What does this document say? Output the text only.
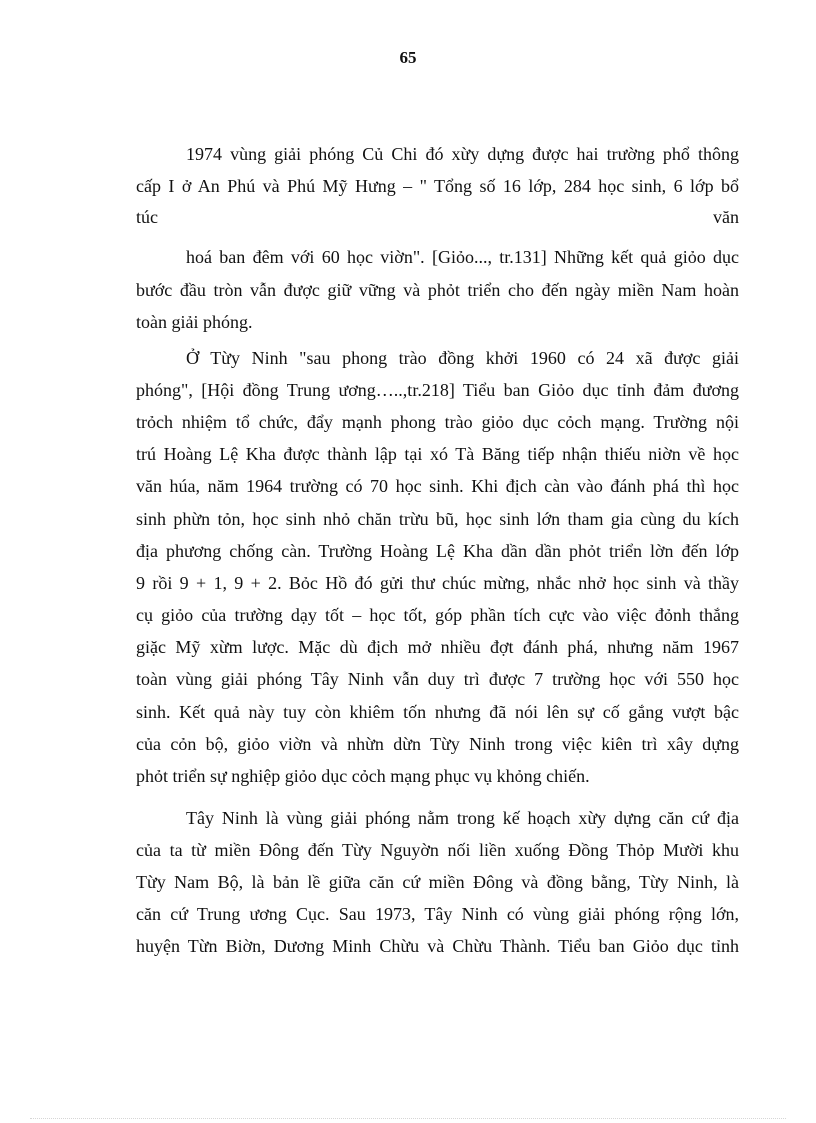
65
1974 vùng giải phóng Củ Chi đó xừy dựng được hai trường phổ thông
cấp I ở An Phú và Phú Mỹ Hưng – " Tổng số 16 lớp, 284 học sinh, 6 lớp bổ
túc	văn
hoá ban đêm với 60 học viờn". [Giỏo..., tr.131] Những kết quả giỏo dục
bước đầu tròn vẫn được giữ vững và phỏt triển cho đến ngày miền Nam hoàn
toàn giải phóng.
Ở Từy Ninh "sau phong trào đồng khởi 1960 có 24 xã được giải
phóng", [Hội đồng Trung ương…..,tr.218] Tiểu ban Giỏo dục tỉnh đảm đương
trỏch nhiệm tổ chức, đẩy mạnh phong trào giỏo dục cỏch mạng. Trường nội
trú Hoàng Lệ Kha được thành lập tại xó Tà Băng tiếp nhận thiếu niờn về học
văn húa, năm 1964 trường có 70 học sinh. Khi địch càn vào đánh phá thì học
sinh phừn tỏn, học sinh nhỏ chăn trừu bũ, học sinh lớn tham gia cùng du kích
địa phương chống càn. Trường Hoàng Lệ Kha dần dần phỏt triển lờn đến lớp
9 rồi 9 + 1, 9 + 2. Bỏc Hồ đó gửi thư chúc mừng, nhắc nhở học sinh và thầy
cụ giỏo của trường dạy tốt – học tốt, góp phần tích cực vào việc đỏnh thắng
giặc Mỹ xừm lược. Mặc dù địch mở nhiều đợt đánh phá, nhưng năm 1967
toàn vùng giải phóng Tây Ninh vẫn duy trì được 7 trường học với 550 học
sinh. Kết quả này tuy còn khiêm tốn nhưng đã nói lên sự cố gắng vượt bậc
của cỏn bộ, giỏo viờn và nhừn dừn Từy Ninh trong việc kiên trì xây dựng
phỏt triển sự nghiệp giỏo dục cỏch mạng phục vụ khỏng chiến.
Tây Ninh là vùng giải phóng nằm trong kế hoạch xừy dựng căn cứ địa
của ta từ miền Đông đến Từy Nguyờn nối liền xuống Đồng Thỏp Mười khu
Từy Nam Bộ, là bản lề giữa căn cứ miền Đông và đồng bằng, Từy Ninh, là
căn cứ Trung ương Cục. Sau 1973, Tây Ninh có vùng giải phóng rộng lớn,
huyện Từn Biờn, Dương Minh Chừu và Chừu Thành. Tiểu ban Giỏo dục tỉnh
